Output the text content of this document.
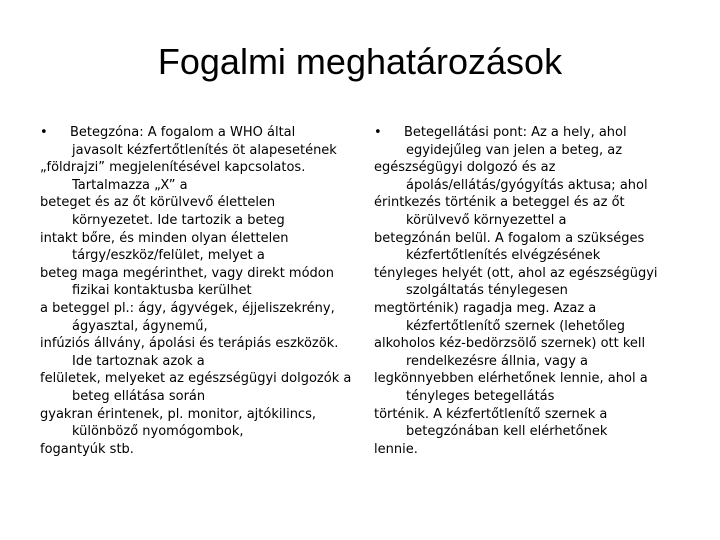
Fogalmi meghatározások
• Betegzóna: A fogalom a WHO által
javasolt kézfertőtlenítés öt alapesetének
„földrajzi” megjelenítésével kapcsolatos.
Tartalmazza „X” a
beteget és az őt körülvevő élettelen
környezetet. Ide tartozik a beteg
intakt bőre, és minden olyan élettelen
tárgy/eszköz/felület, melyet a
beteg maga megérinthet, vagy direkt módon
fizikai kontaktusba kerülhet
a beteggel pl.: ágy, ágyvégek, éjjeliszekrény,
ágyasztal, ágynemű,
infúziós állvány, ápolási és terápiás eszközök.
Ide tartoznak azok a
felületek, melyeket az egészségügyi dolgozók a
beteg ellátása során
gyakran érintenek, pl. monitor, ajtókilincs,
különböző nyomógombok,
fogantyúk stb.
• Betegellátási pont: Az a hely, ahol
egyidejűleg van jelen a beteg, az
egészségügyi dolgozó és az
ápolás/ellátás/gyógyítás aktusa; ahol
érintkezés történik a beteggel és az őt
körülvevő környezettel a
betegzónán belül. A fogalom a szükséges
kézfertőtlenítés elvégzésének
tényleges helyét (ott, ahol az egészségügyi
szolgáltatás ténylegesen
megtörténik) ragadja meg. Azaz a
kézfertőtlenítő szernek (lehetőleg
alkoholos kéz-bedörzsölő szernek) ott kell
rendelkezésre állnia, vagy a
legkönnyebben elérhetőnek lennie, ahol a
tényleges betegellátás
történik. A kézfertőtlenítő szernek a
betegzónában kell elérhetőnek
lennie.
